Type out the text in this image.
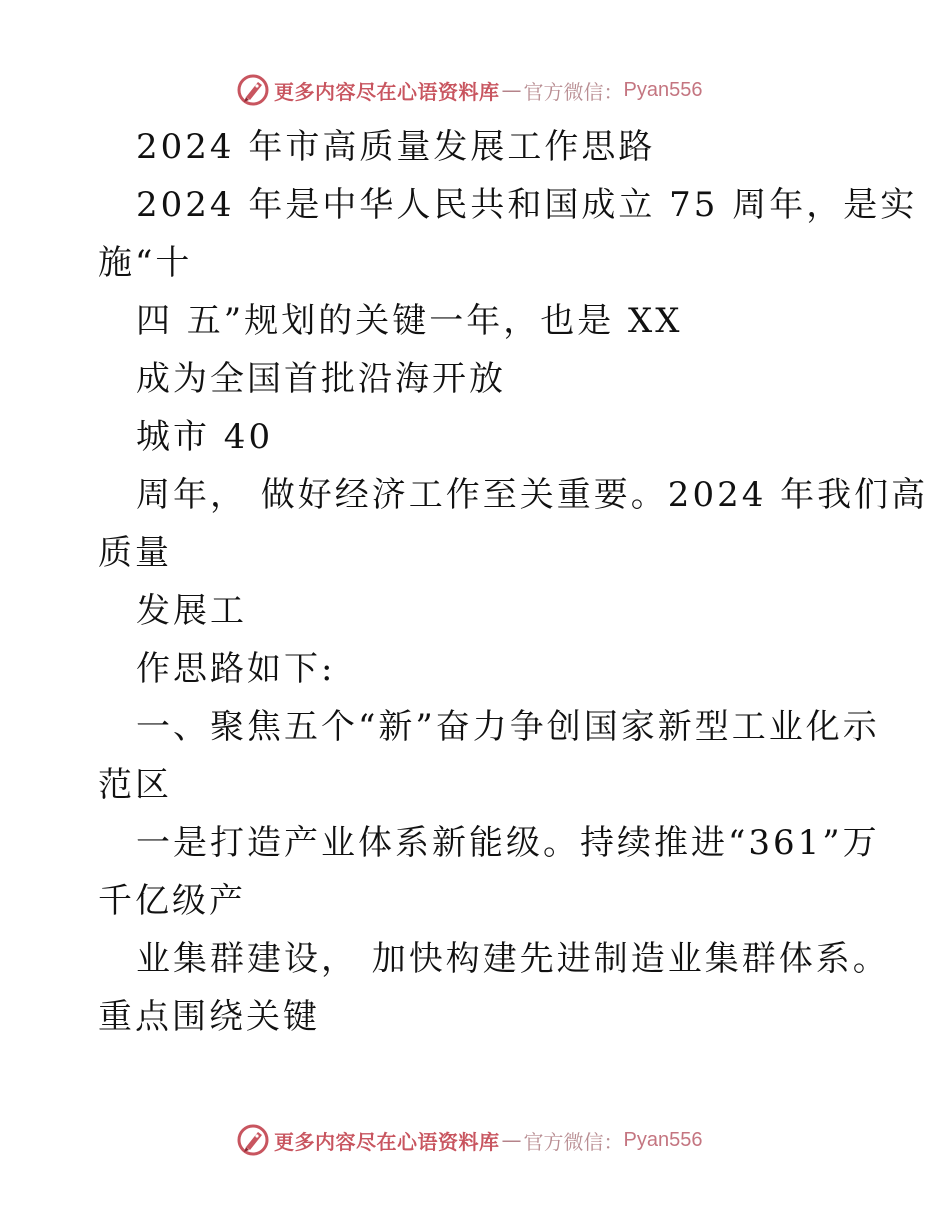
更多内容尽在心语资料库 — 官方微信： Pyan556
2024 年市高质量发展工作思路
2024 年是中华人民共和国成立 75 周年，是实
施“十
四 五”规划的关键一年，也是 XX
成为全国首批沿海开放
城市 40
周年， 做好经济工作至关重要。2024 年我们高
质量
发展工
作思路如下:
一、聚焦五个“新”奋力争创国家新型工业化示
范区
一是打造产业体系新能级。持续推进“361”万
千亿级产
业集群建设， 加快构建先进制造业集群体系。
重点围绕关键
更多内容尽在心语资料库 — 官方微信： Pyan556
